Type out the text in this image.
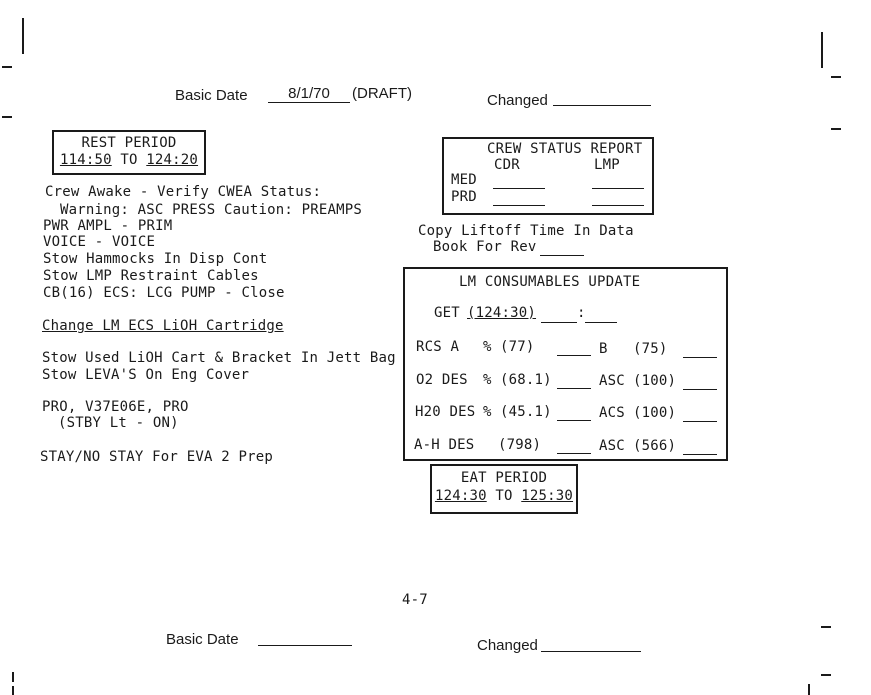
Basic Date	8/1/70	(DRAFT)	Changed
REST PERIOD
114:50 TO 124:20
Crew Awake - Verify CWEA Status:
Warning: ASC PRESS Caution: PREAMPS
PWR AMPL - PRIM
VOICE - VOICE
Stow Hammocks In Disp Cont
Stow LMP Restraint Cables
CB(16) ECS: LCG PUMP - Close
Change LM ECS LiOH Cartridge
Stow Used LiOH Cart & Bracket In Jett Bag
Stow LEVA'S On Eng Cover
PRO, V37E06E, PRO
(STBY Lt - ON)
STAY/NO STAY For EVA 2 Prep
CREW STATUS REPORT
CDR	LMP
MED
PRD
Copy Liftoff Time In Data
Book For Rev
LM CONSUMABLES UPDATE
GET (124:30)	:
RCS A % (77)	B (75)
O2 DES % (68.1)	ASC (100)
H20 DES % (45.1)	ACS (100)
A-H DES (798)	ASC (566)
EAT PERIOD
124:30 TO 125:30
4-7
Basic Date	Changed
